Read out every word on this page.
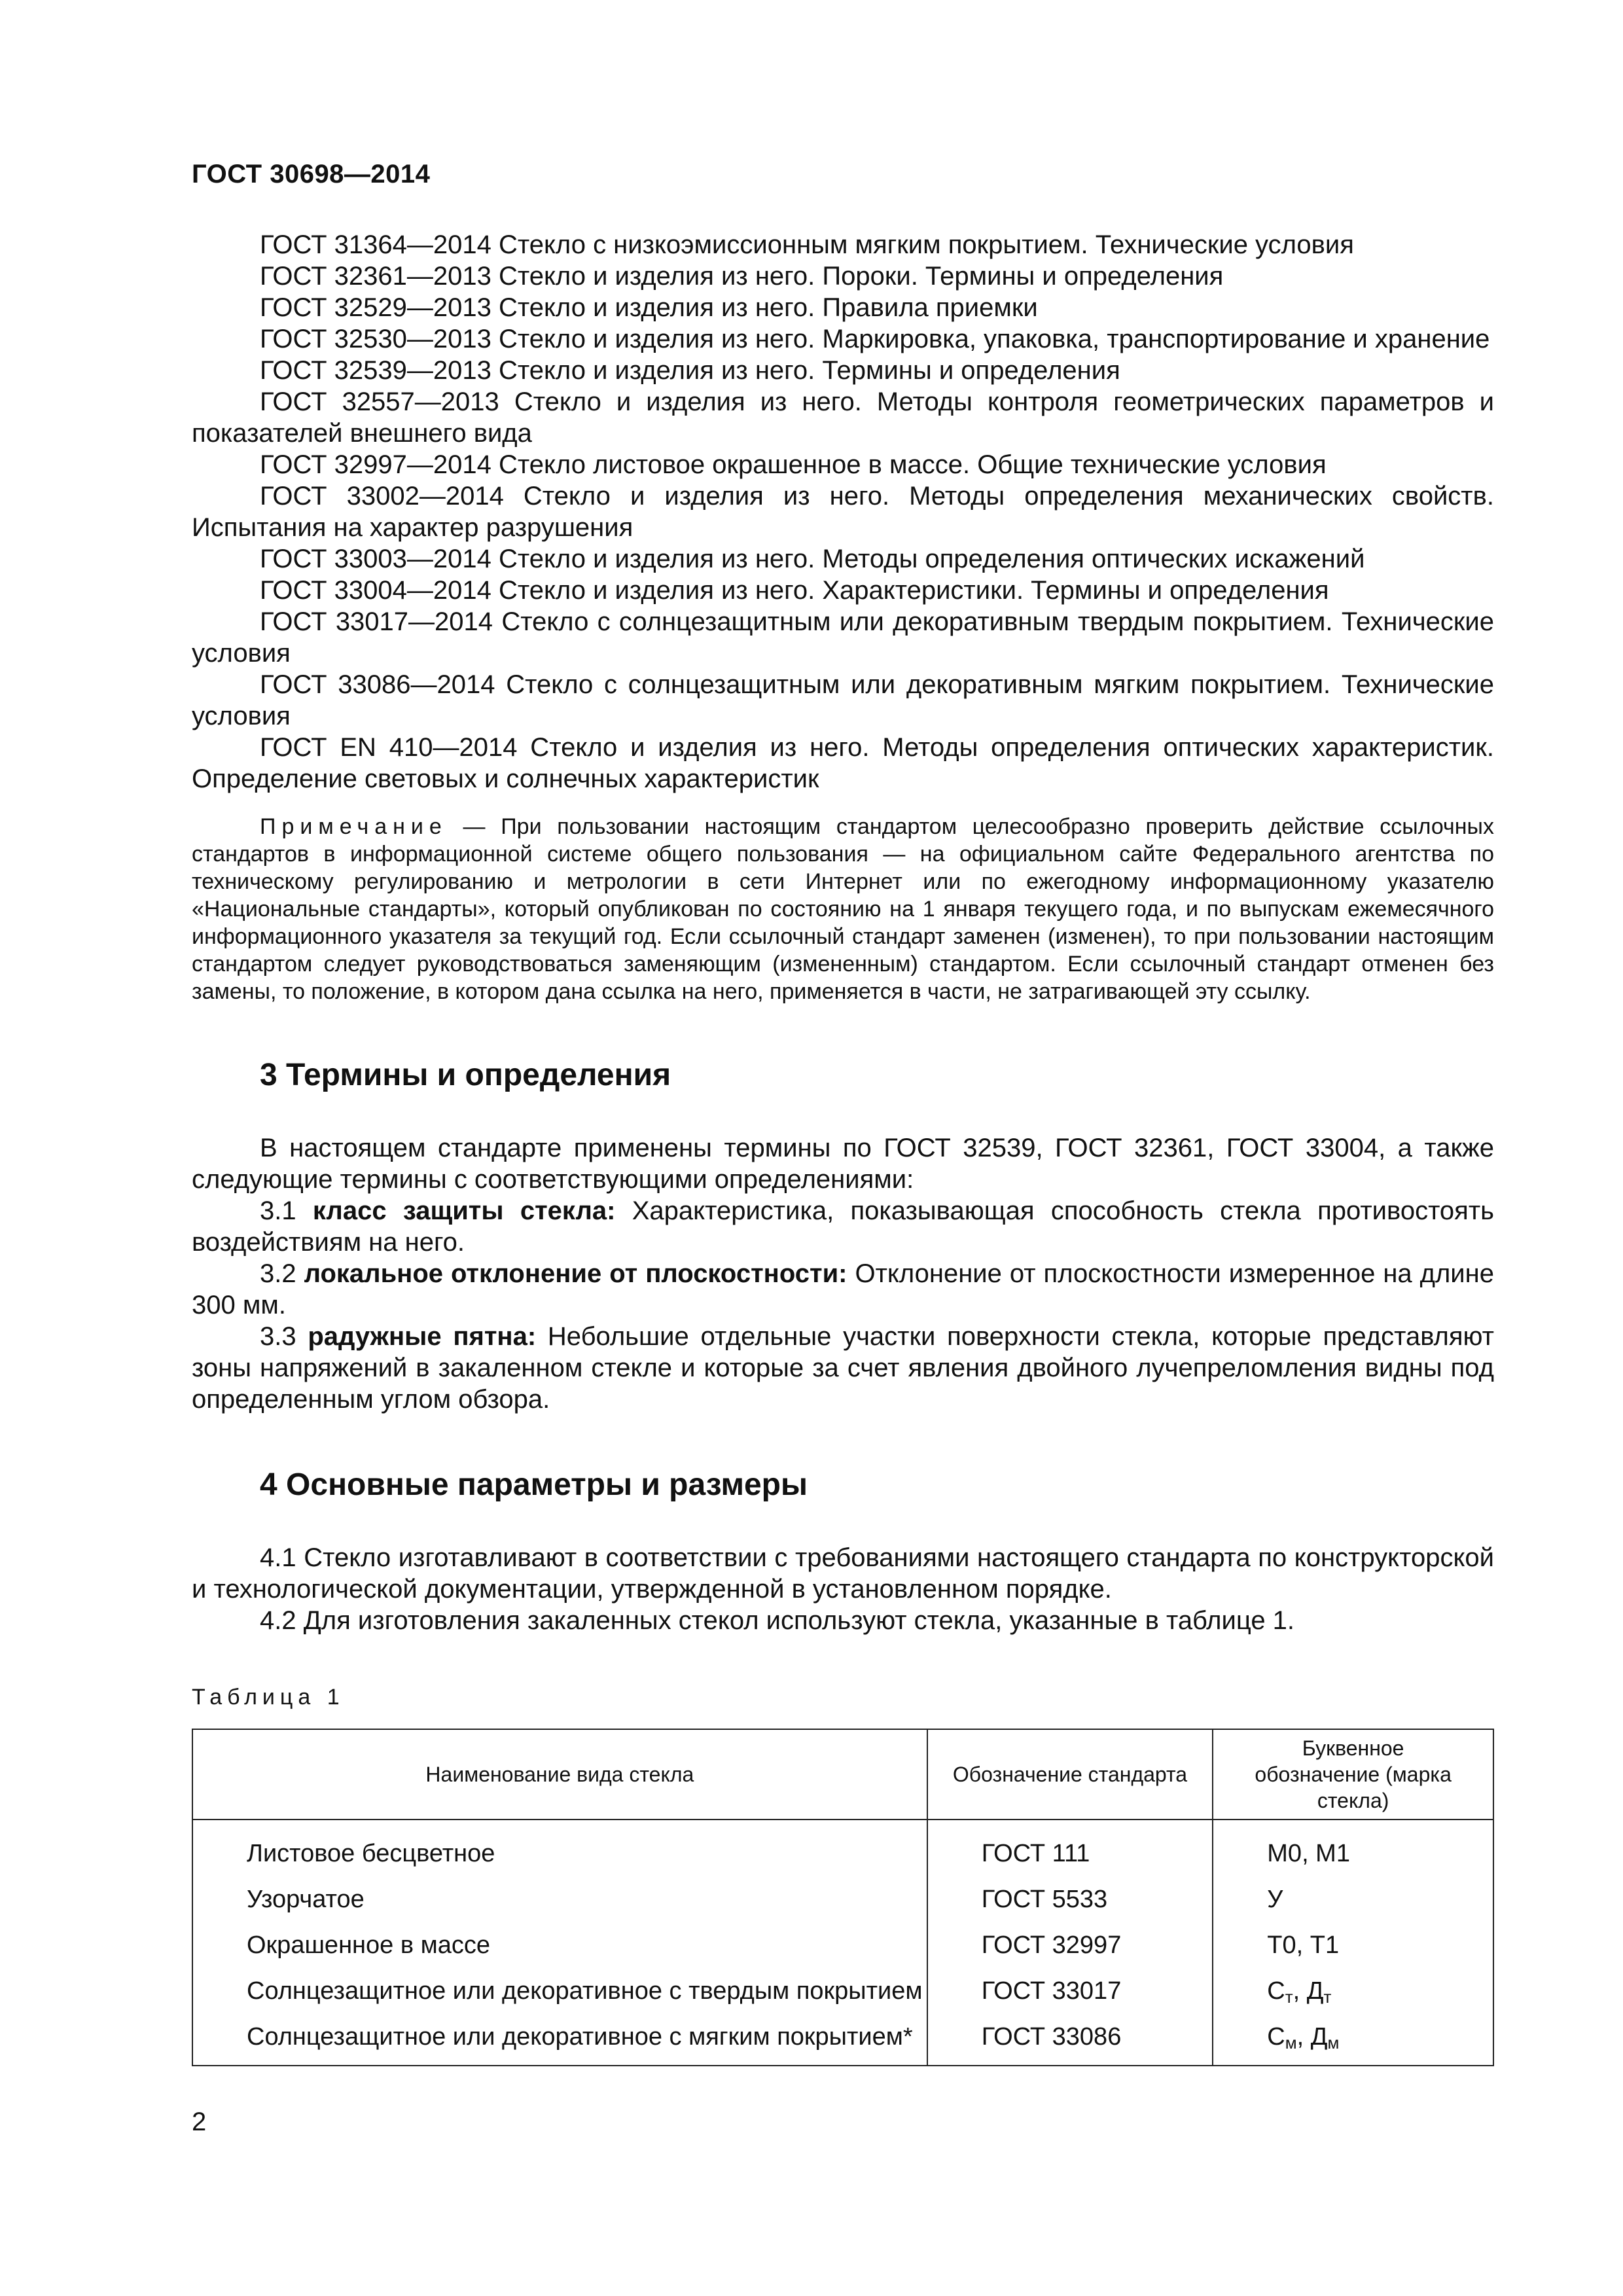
ГОСТ 30698—2014

ГОСТ 31364—2014 Стекло с низкоэмиссионным мягким покрытием. Технические условия

ГОСТ 32361—2013 Стекло и изделия из него. Пороки. Термины и определения

ГОСТ 32529—2013 Стекло и изделия из него. Правила приемки

ГОСТ 32530—2013 Стекло и изделия из него. Маркировка, упаковка, транспортирование и хранение

ГОСТ 32539—2013 Стекло и изделия из него. Термины и определения

ГОСТ 32557—2013 Стекло и изделия из него. Методы контроля геометрических параметров и показателей внешнего вида

ГОСТ 32997—2014 Стекло листовое окрашенное в массе. Общие технические условия

ГОСТ 33002—2014 Стекло и изделия из него. Методы определения механических свойств. Испытания на характер разрушения

ГОСТ 33003—2014 Стекло и изделия из него. Методы определения оптических искажений

ГОСТ 33004—2014 Стекло и изделия из него. Характеристики. Термины и определения

ГОСТ 33017—2014 Стекло с солнцезащитным или декоративным твердым покрытием. Технические условия

ГОСТ 33086—2014 Стекло с солнцезащитным или декоративным мягким покрытием. Технические условия

ГОСТ EN 410—2014 Стекло и изделия из него. Методы определения оптических характеристик. Определение световых и солнечных характеристик

Примечание — При пользовании настоящим стандартом целесообразно проверить действие ссылочных стандартов в информационной системе общего пользования — на официальном сайте Федерального агентства по техническому регулированию и метрологии в сети Интернет или по ежегодному информационному указателю «Национальные стандарты», который опубликован по состоянию на 1 января текущего года, и по выпускам ежемесячного информационного указателя за текущий год. Если ссылочный стандарт заменен (изменен), то при пользовании настоящим стандартом следует руководствоваться заменяющим (измененным) стандартом. Если ссылочный стандарт отменен без замены, то положение, в котором дана ссылка на него, применяется в части, не затрагивающей эту ссылку.
3 Термины и определения

В настоящем стандарте применены термины по ГОСТ 32539, ГОСТ 32361, ГОСТ 33004, а также следующие термины с соответствующими определениями:

3.1 класс защиты стекла: Характеристика, показывающая способность стекла противостоять воздействиям на него.

3.2 локальное отклонение от плоскостности: Отклонение от плоскостности измеренное на длине 300 мм.

3.3 радужные пятна: Небольшие отдельные участки поверхности стекла, которые представляют зоны напряжений в закаленном стекле и которые за счет явления двойного лучепреломления видны под определенным углом обзора.

4 Основные параметры и размеры

4.1 Стекло изготавливают в соответствии с требованиями настоящего стандарта по конструкторской и технологической документации, утвержденной в установленном порядке.

4.2 Для изготовления закаленных стекол используют стекла, указанные в таблице 1.

Таблица 1
Наименование вида стекла	Обозначение стандарта	Буквенное обозначение (марка стекла)
Листовое бесцветное	ГОСТ 111	М0, М1
Узорчатое	ГОСТ 5533	У
Окрашенное в массе	ГОСТ 32997	Т0, Т1
Солнцезащитное или декоративное с твердым покрытием	ГОСТ 33017	$С_т$, $Д_т$
Солнцезащитное или декоративное с мягким покрытием*	ГОСТ 33086	$С_м$, $Д_м$
2
